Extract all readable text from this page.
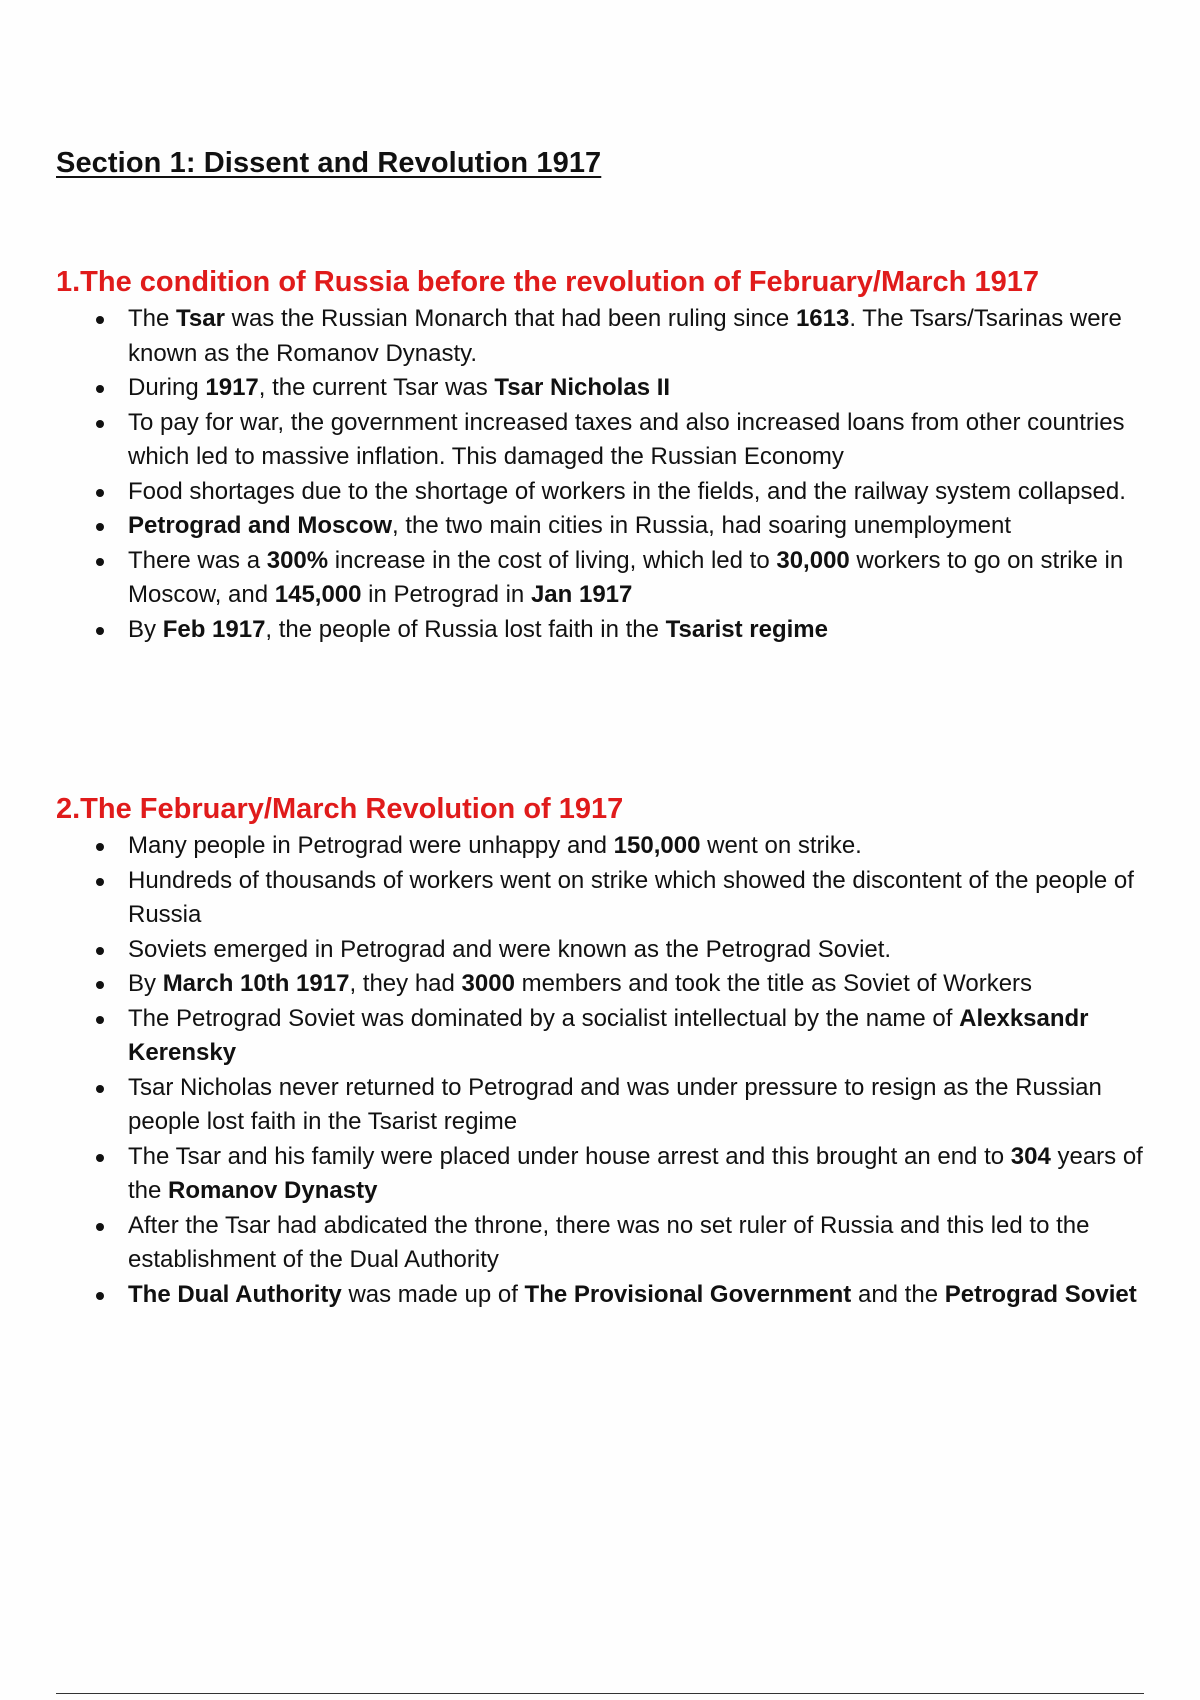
Section 1: Dissent and Revolution 1917
1.The condition of Russia before the revolution of February/March 1917
The Tsar was the Russian Monarch that had been ruling since 1613. The Tsars/Tsarinas were known as the Romanov Dynasty.
During 1917, the current Tsar was Tsar Nicholas II
To pay for war, the government increased taxes and also increased loans from other countries which led to massive inflation. This damaged the Russian Economy
Food shortages due to the shortage of workers in the fields, and the railway system collapsed.
Petrograd and Moscow, the two main cities in Russia, had soaring unemployment
There was a 300% increase in the cost of living, which led to 30,000 workers to go on strike in Moscow, and 145,000 in Petrograd in Jan 1917
By Feb 1917, the people of Russia lost faith in the Tsarist regime
2.The February/March Revolution of 1917
Many people in Petrograd were unhappy and 150,000 went on strike.
Hundreds of thousands of workers went on strike which showed the discontent of the people of Russia
Soviets emerged in Petrograd and were known as the Petrograd Soviet.
By March 10th 1917, they had 3000 members and took the title as Soviet of Workers
The Petrograd Soviet was dominated by a socialist intellectual by the name of Alexksandr Kerensky
Tsar Nicholas never returned to Petrograd and was under pressure to resign as the Russian people lost faith in the Tsarist regime
The Tsar and his family were placed under house arrest and this brought an end to 304 years of the Romanov Dynasty
After the Tsar had abdicated the throne, there was no set ruler of Russia and this led to the establishment of the Dual Authority
The Dual Authority was made up of The Provisional Government and the Petrograd Soviet
